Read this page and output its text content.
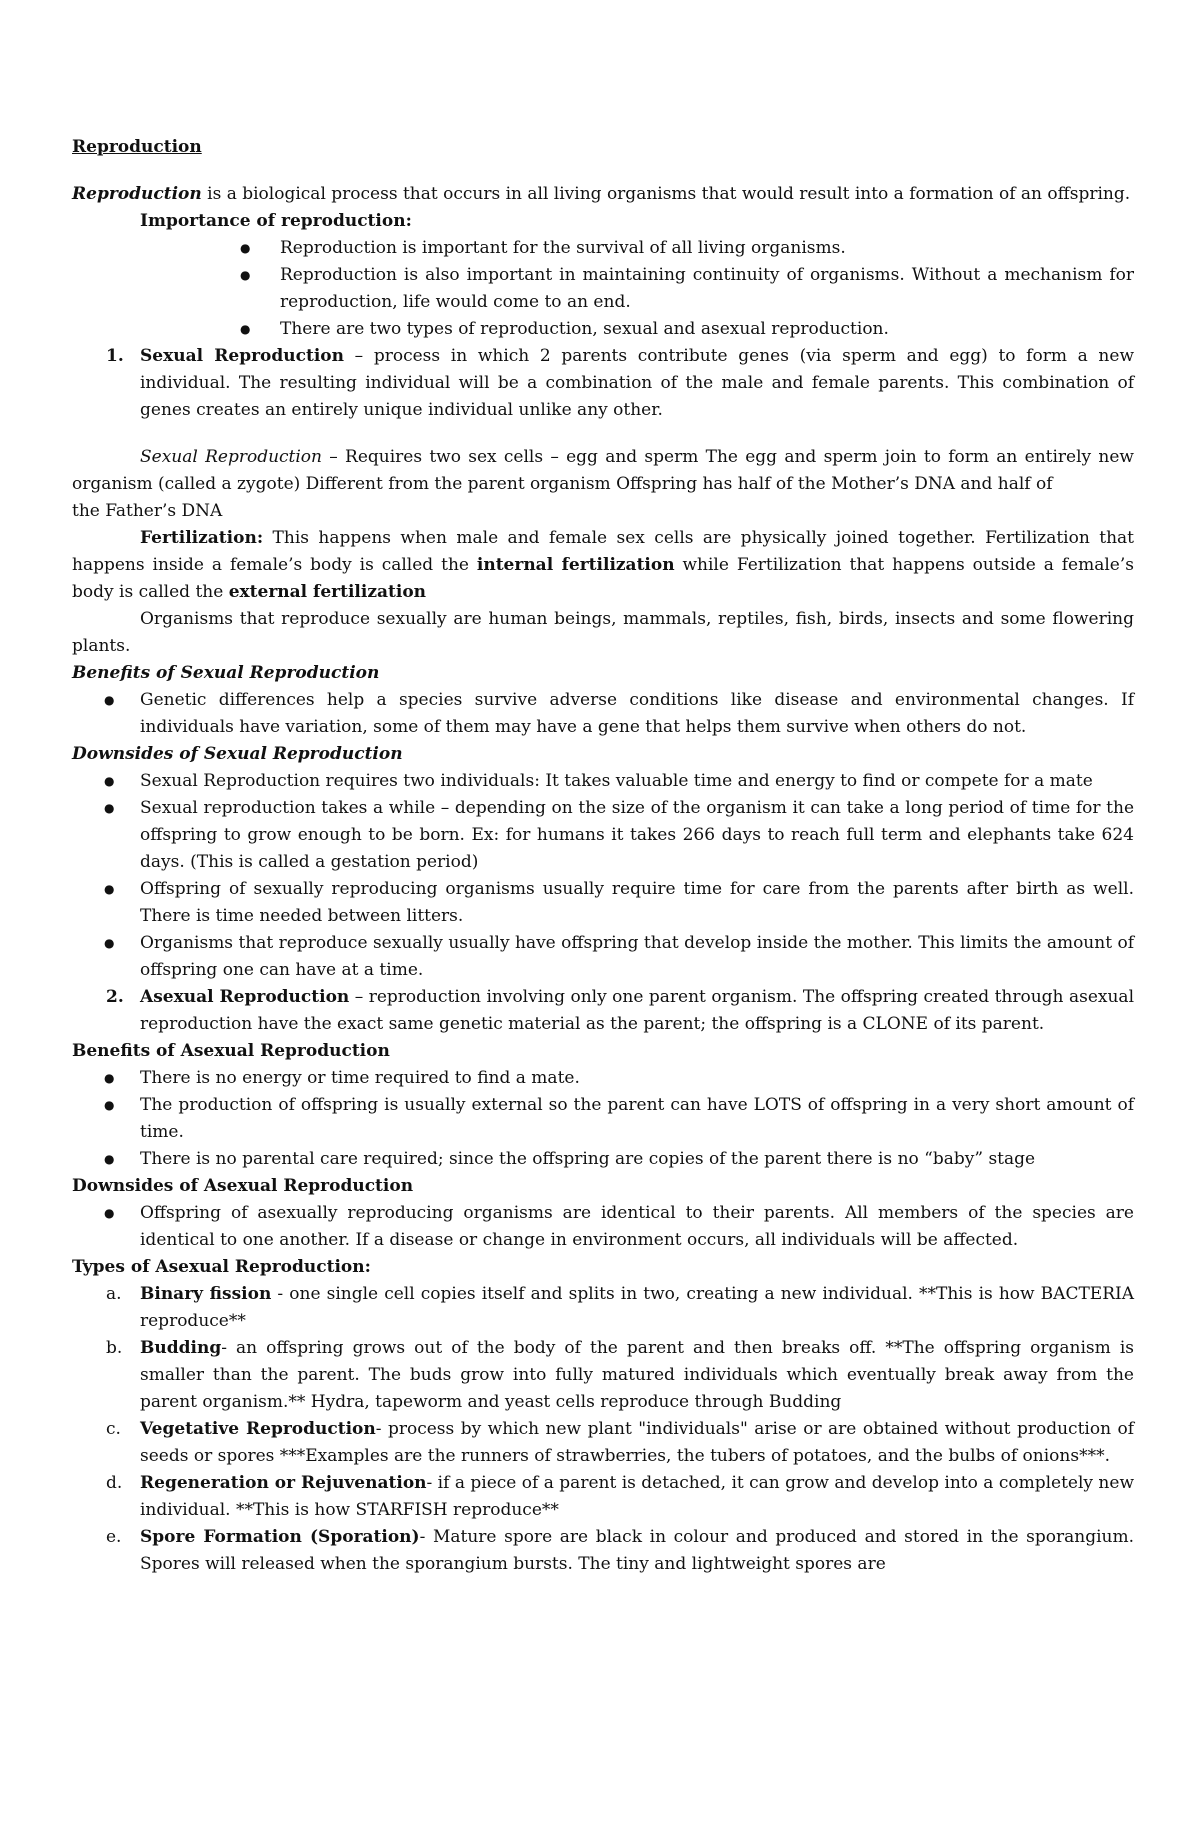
Reproduction

Reproduction is a biological process that occurs in all living organisms that would result into a formation of an offspring.

Importance of reproduction:

● Reproduction is important for the survival of all living organisms.
● Reproduction is also important in maintaining continuity of organisms. Without a mechanism for reproduction, life would come to an end.
● There are two types of reproduction, sexual and asexual reproduction.
1. Sexual Reproduction – process in which 2 parents contribute genes (via sperm and egg) to form a new individual. The resulting individual will be a combination of the male and female parents. This combination of genes creates an entirely unique individual unlike any other.

Sexual Reproduction – Requires two sex cells – egg and sperm The egg and sperm join to form an entirely new organism (called a zygote) Different from the parent organism Offspring has half of the Mother’s DNA and half of

the Father’s DNA

Fertilization: This happens when male and female sex cells are physically joined together. Fertilization that happens inside a female’s body is called the internal fertilization while Fertilization that happens outside a female’s body is called the external fertilization

Organisms that reproduce sexually are human beings, mammals, reptiles, fish, birds, insects and some flowering plants.

Benefits of Sexual Reproduction

● Genetic differences help a species survive adverse conditions like disease and environmental changes. If individuals have variation, some of them may have a gene that helps them survive when others do not.

Downsides of Sexual Reproduction

● Sexual Reproduction requires two individuals: It takes valuable time and energy to find or compete for a mate
● Sexual reproduction takes a while – depending on the size of the organism it can take a long period of time for the offspring to grow enough to be born. Ex: for humans it takes 266 days to reach full term and elephants take 624 days. (This is called a gestation period)
● Offspring of sexually reproducing organisms usually require time for care from the parents after birth as well. There is time needed between litters.
● Organisms that reproduce sexually usually have offspring that develop inside the mother. This limits the amount of offspring one can have at a time.
2. Asexual Reproduction – reproduction involving only one parent organism. The offspring created through asexual reproduction have the exact same genetic material as the parent; the offspring is a CLONE of its parent.

Benefits of Asexual Reproduction

● There is no energy or time required to find a mate.
● The production of offspring is usually external so the parent can have LOTS of offspring in a very short amount of time.
● There is no parental care required; since the offspring are copies of the parent there is no “baby” stage

Downsides of Asexual Reproduction

● Offspring of asexually reproducing organisms are identical to their parents. All members of the species are identical to one another. If a disease or change in environment occurs, all individuals will be affected.

Types of Asexual Reproduction:

a. Binary fission - one single cell copies itself and splits in two, creating a new individual. **This is how BACTERIA reproduce**
b. Budding- an offspring grows out of the body of the parent and then breaks off. **The offspring organism is smaller than the parent. The buds grow into fully matured individuals which eventually break away from the parent organism.** Hydra, tapeworm and yeast cells reproduce through Budding
c. Vegetative Reproduction- process by which new plant "individuals" arise or are obtained without production of seeds or spores ***Examples are the runners of strawberries, the tubers of potatoes, and the bulbs of onions***.
d. Regeneration or Rejuvenation- if a piece of a parent is detached, it can grow and develop into a completely new individual. **This is how STARFISH reproduce**
e. Spore Formation (Sporation)- Mature spore are black in colour and produced and stored in the sporangium. Spores will released when the sporangium bursts. The tiny and lightweight spores are
